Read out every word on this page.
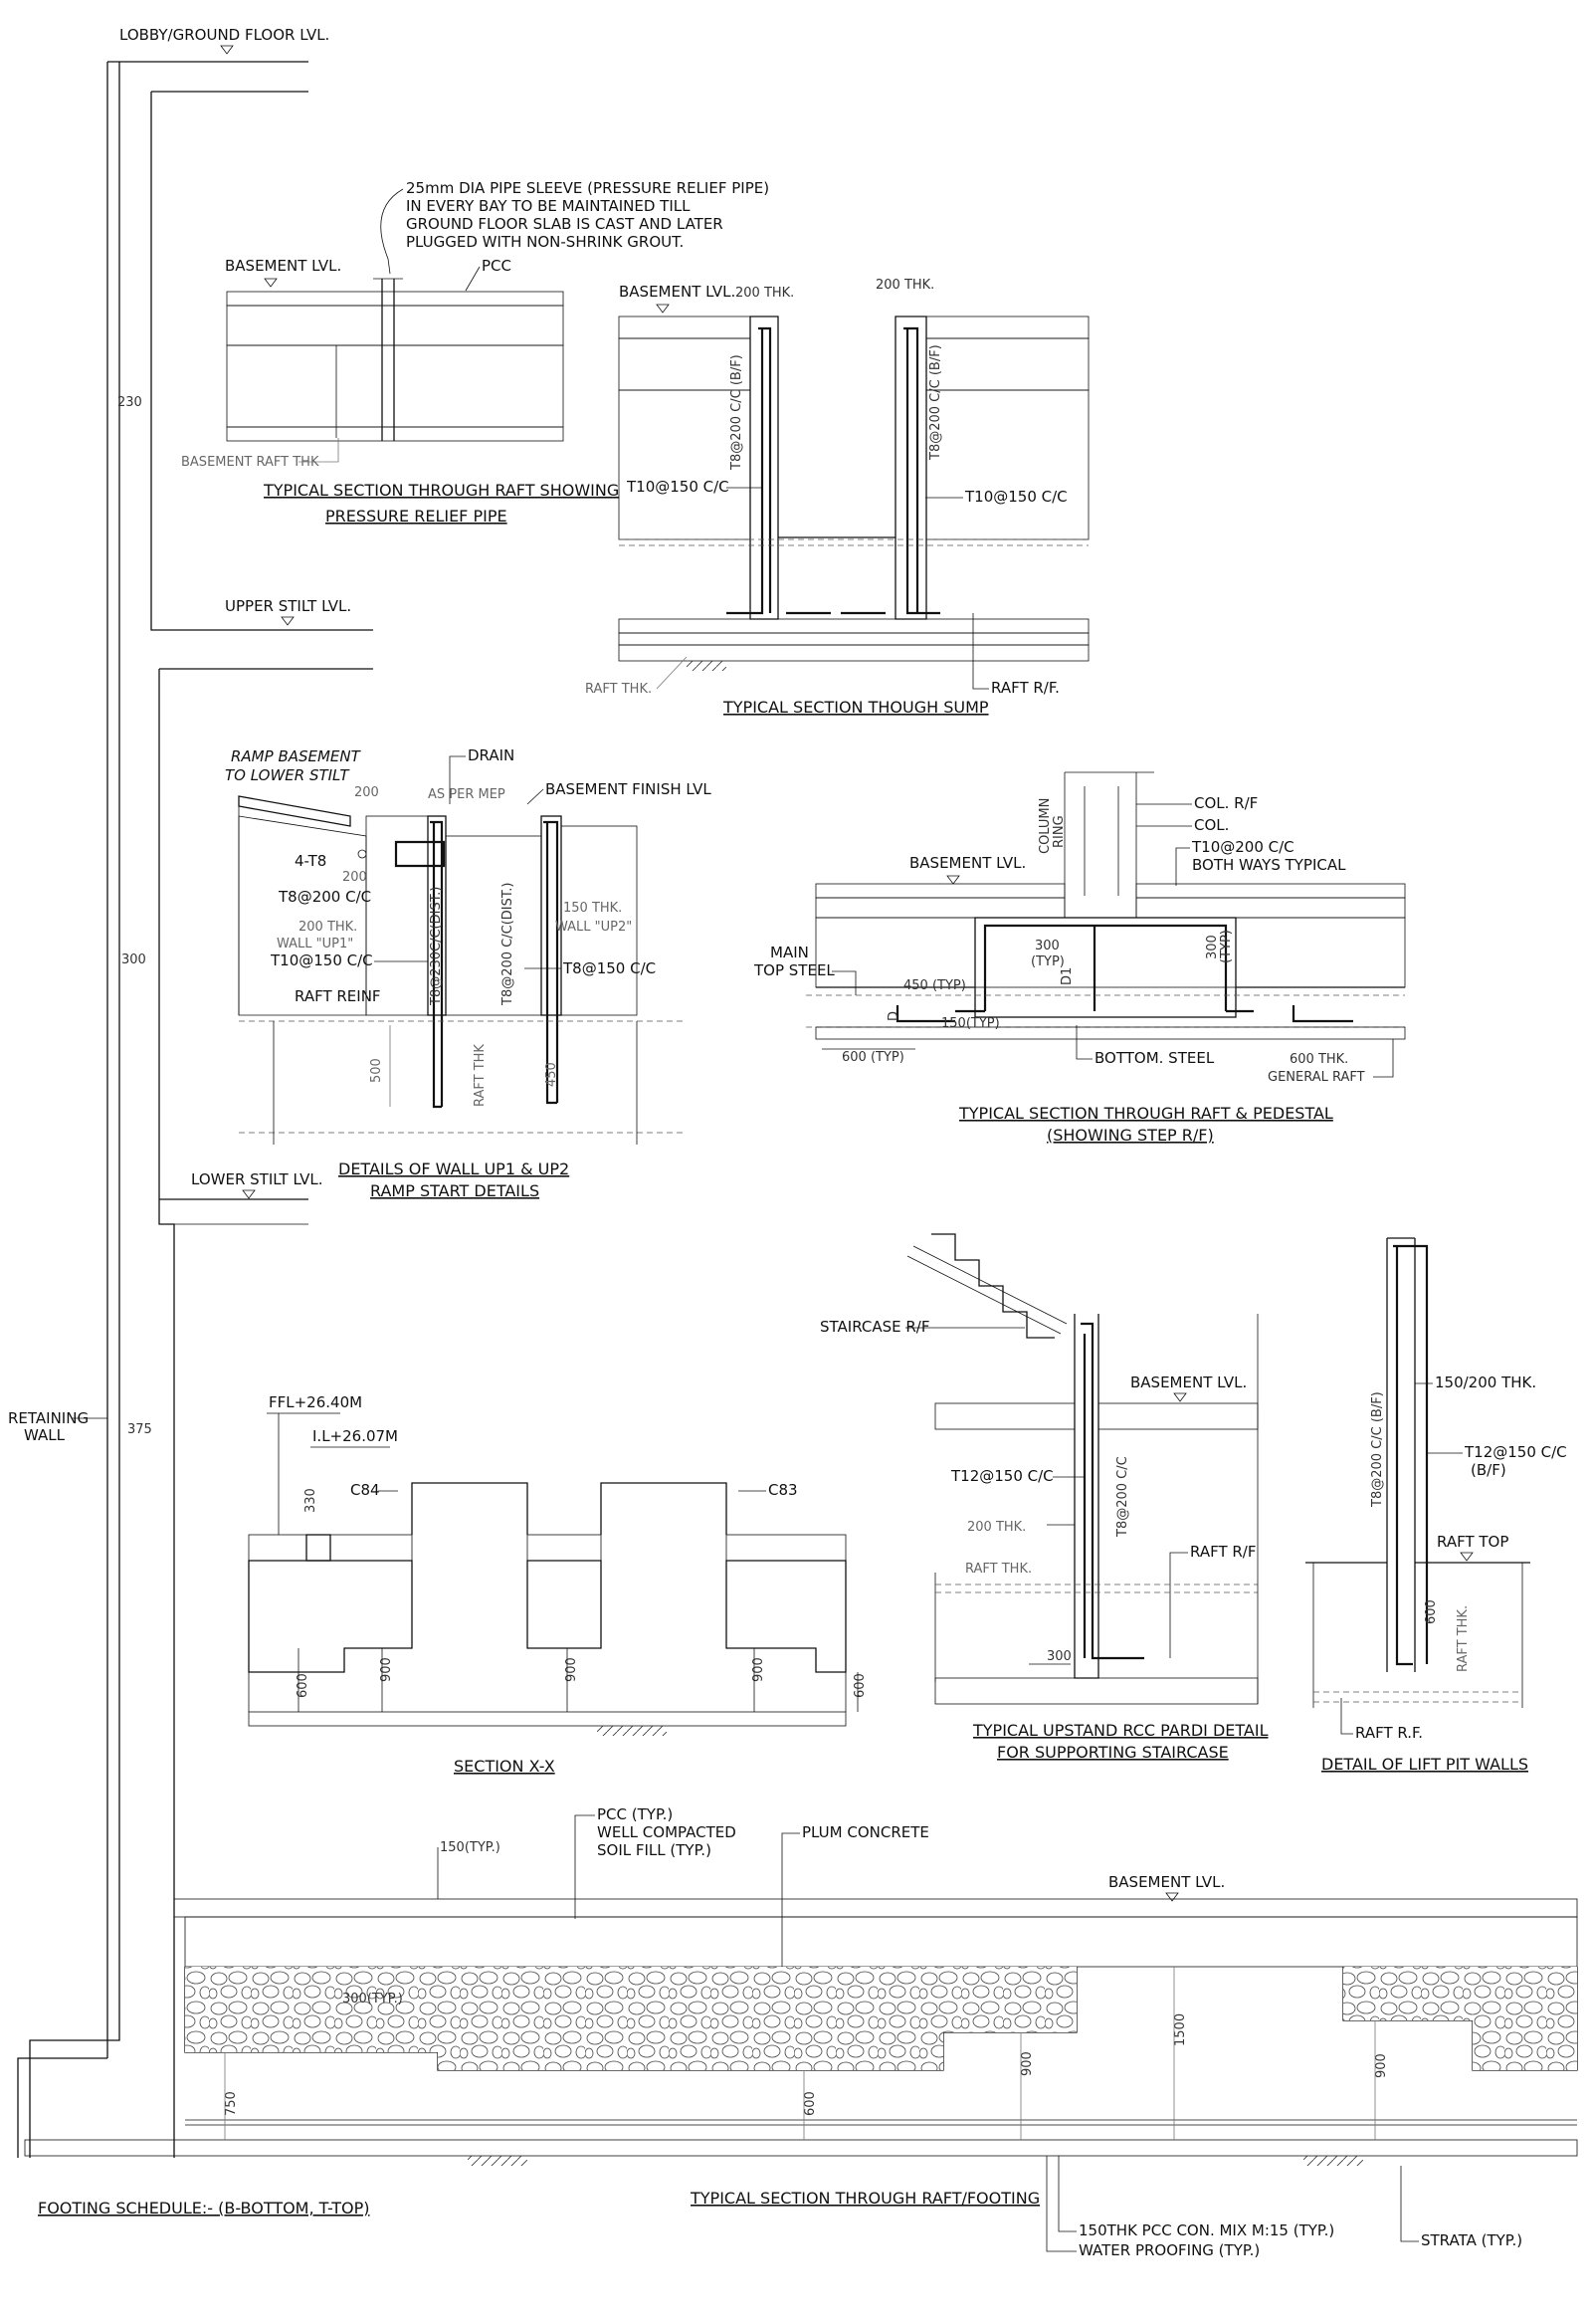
LOBBY/GROUND FLOOR LVL.
UPPER STILT LVL.
LOWER STILT LVL.
RETAINING
WALL
230
300
375
25mm DIA PIPE SLEEVE (PRESSURE RELIEF PIPE)
IN EVERY BAY TO BE MAINTAINED TILL
GROUND FLOOR SLAB IS CAST AND LATER
PLUGGED WITH NON-SHRINK GROUT.
BASEMENT LVL.	PCC
BASEMENT RAFT THK
TYPICAL SECTION THROUGH RAFT SHOWING
PRESSURE RELIEF PIPE
BASEMENT LVL. 200 THK.
200 THK.
T8@200 C/C (B/F)	T8@200 C/C (B/F)
T10@150 C/C
T10@150 C/C
RAFT THK.	RAFT R/F.
TYPICAL SECTION THOUGH SUMP
RAMP BASEMENT
TO LOWER STILT
DRAIN
AS PER MEP	BASEMENT FINISH LVL
200
4-T8
200
T8@200 C/C
200 THK.
WALL "UP1"
T10@150 C/C
RAFT REINF	T8@230C/C(DIST.)	T8@200 C/C(DIST.)	150 THK.
WALL "UP2"
T8@150 C/C
500	RAFT THK	450
DETAILS OF WALL UP1 & UP2
RAMP START DETAILS
COL. R/F
COL.
COLUMN RING	T10@200 C/C
BOTH WAYS TYPICAL
BASEMENT LVL.
MAIN
TOP STEEL
450 (TYP)
300
(TYP)
300 (TYP)
D1
D
150(TYP)
600 (TYP)	BOTTOM. STEEL	600 THK.
GENERAL RAFT
TYPICAL SECTION THROUGH RAFT & PEDESTAL
(SHOWING STEP R/F)
FFL+26.40M
I.L+26.07M
330 C84	C83
600
900	900	900
600
SECTION X-X
STAIRCASE R/F
BASEMENT LVL.
T12@150 C/C	T8@200 C/C
200 THK.
RAFT THK.
RAFT R/F
300
TYPICAL UPSTAND RCC PARDI DETAIL
FOR SUPPORTING STAIRCASE
150/200 THK.
T8@200 C/C (B/F)	T12@150 C/C
(B/F)
RAFT TOP
600 RAFT THK.
RAFT R.F.
DETAIL OF LIFT PIT WALLS
PCC (TYP.)
WELL COMPACTED
SOIL FILL (TYP.)
PLUM CONCRETE
150(TYP.)
BASEMENT LVL.
300(TYP.)
750	600
900
1500
900
FOOTING SCHEDULE:- (B-BOTTOM, T-TOP)
TYPICAL SECTION THROUGH RAFT/FOOTING
150THK PCC CON. MIX M:15 (TYP.)
WATER PROOFING (TYP.)
STRATA (TYP.)
